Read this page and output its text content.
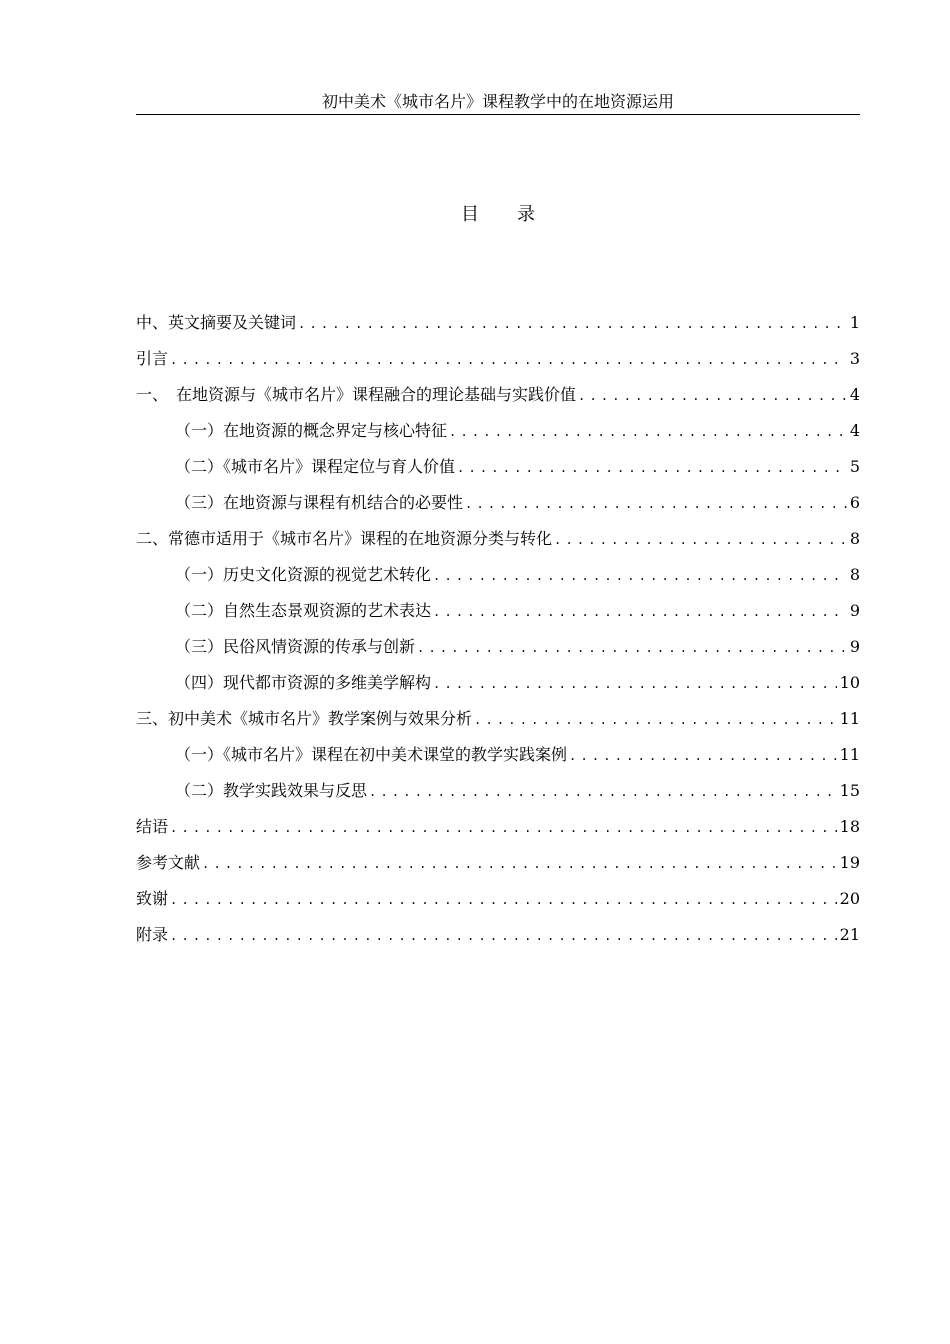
初中美术《城市名片》课程教学中的在地资源运用
目录
中、英文摘要及关键词 .....	1
引言 .....	3
一、　在地资源与《城市名片》课程融合的理论基础与实践价值 .....	4
（一）在地资源的概念界定与核心特征 .....	4
（二）《城市名片》课程定位与育人价值 .....	5
（三）在地资源与课程有机结合的必要性 .....	6
二、常德市适用于《城市名片》课程的在地资源分类与转化 .....	8
（一）历史文化资源的视觉艺术转化 .....	8
（二）自然生态景观资源的艺术表达 .....	9
（三）民俗风情资源的传承与创新 .....	9
（四）现代都市资源的多维美学解构 .....	10
三、初中美术《城市名片》教学案例与效果分析 .....	11
（一）《城市名片》课程在初中美术课堂的教学实践案例 .....	11
（二）教学实践效果与反思 .....	15
结语 .....	18
参考文献 .....	19
致谢 .....	20
附录 .....	21
